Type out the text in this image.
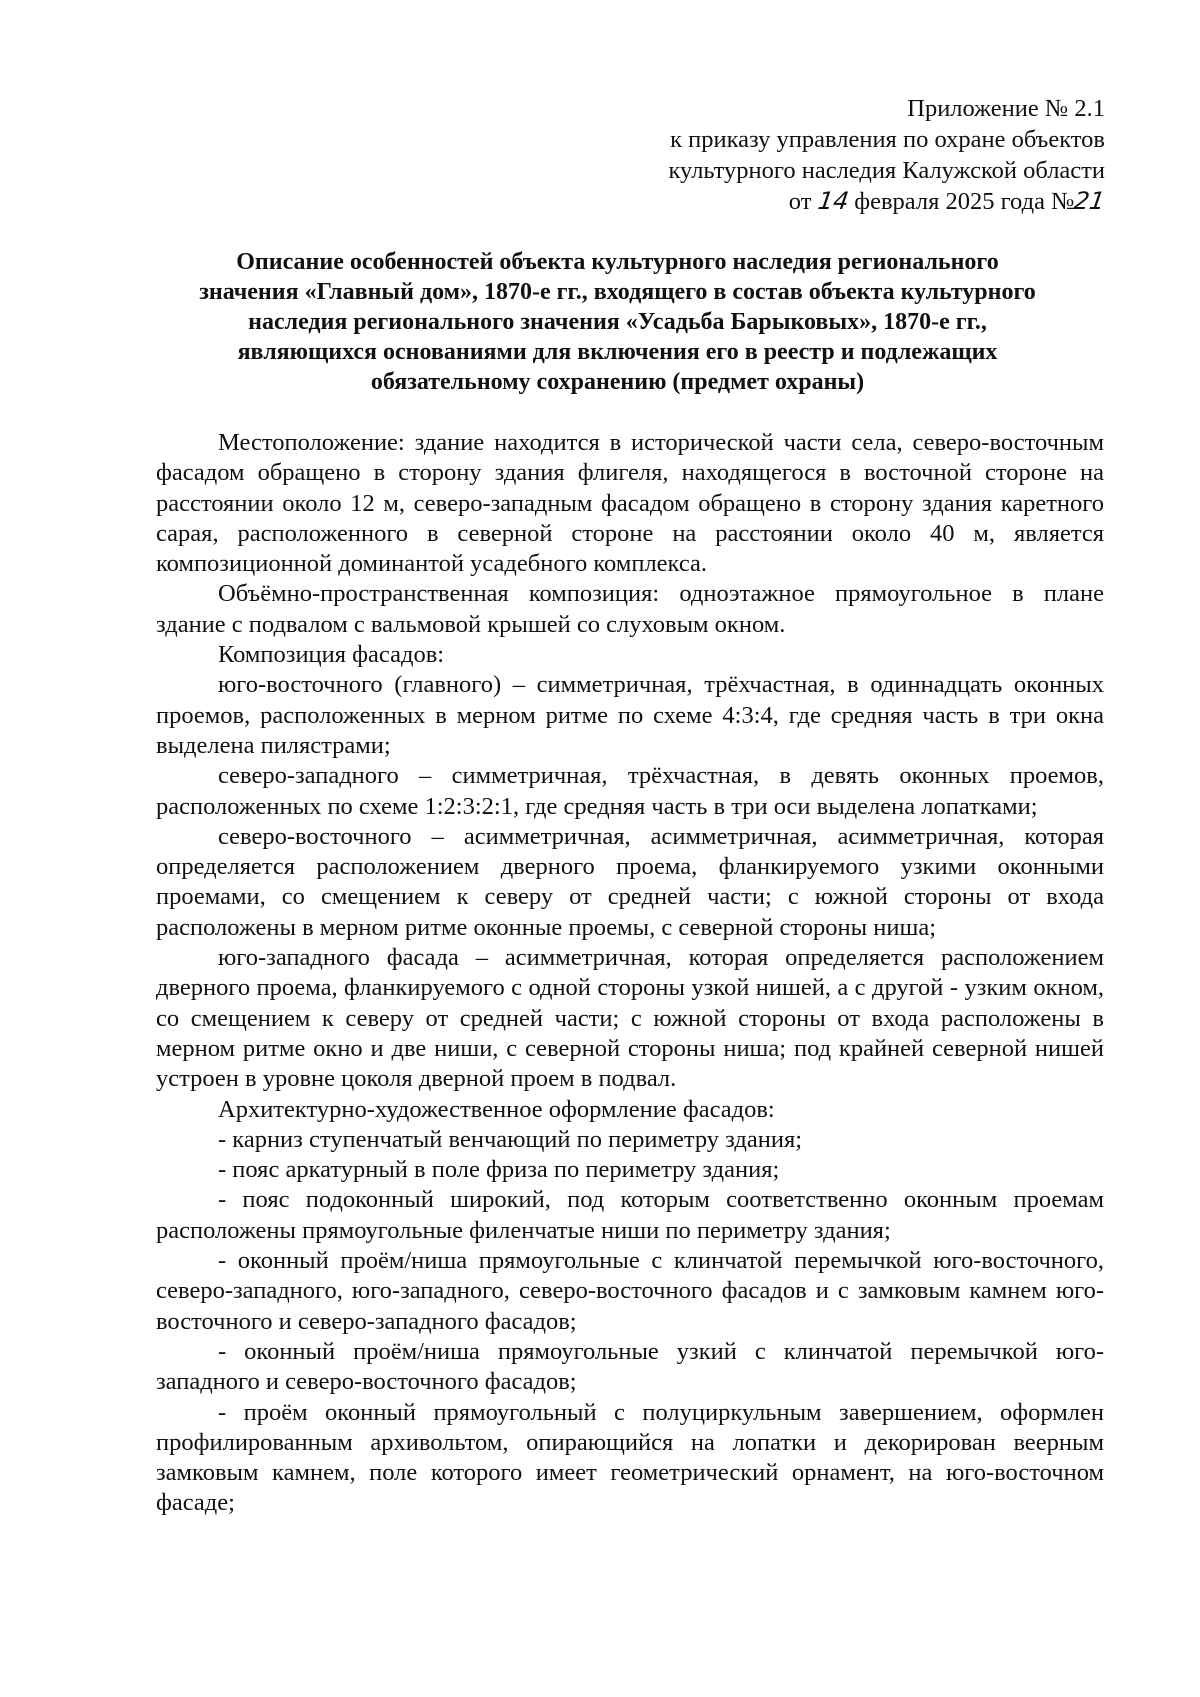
Приложение № 2.1
к приказу управления по охране объектов
культурного наследия Калужской области
от 14 февраля 2025 года №21
Описание особенностей объекта культурного наследия регионального
значения «Главный дом», 1870-е гг., входящего в состав объекта культурного
наследия регионального значения «Усадьба Барыковых», 1870-е гг.,
являющихся основаниями для включения его в реестр и подлежащих
обязательному сохранению (предмет охраны)

Местоположение: здание находится в исторической части села, северо-восточным фасадом обращено в сторону здания флигеля, находящегося в восточной стороне на расстоянии около 12 м, северо-западным фасадом обращено в сторону здания каретного сарая, расположенного в северной стороне на расстоянии около 40 м, является композиционной доминантой усадебного комплекса.

Объёмно-пространственная композиция: одноэтажное прямоугольное в плане здание с подвалом с вальмовой крышей со слуховым окном.

Композиция фасадов:

юго-восточного (главного) – симметричная, трёхчастная, в одиннадцать оконных проемов, расположенных в мерном ритме по схеме 4:3:4, где средняя часть в три окна выделена пилястрами;

северо-западного – симметричная, трёхчастная, в девять оконных проемов, расположенных по схеме 1:2:3:2:1, где средняя часть в три оси выделена лопатками;

северо-восточного – асимметричная, асимметричная, асимметричная, которая определяется расположением дверного проема, фланкируемого узкими оконными проемами, со смещением к северу от средней части; с южной стороны от входа расположены в мерном ритме оконные проемы, с северной стороны ниша;

юго-западного фасада – асимметричная, которая определяется расположением дверного проема, фланкируемого с одной стороны узкой нишей, а с другой - узким окном, со смещением к северу от средней части; с южной стороны от входа расположены в мерном ритме окно и две ниши, с северной стороны ниша; под крайней северной нишей устроен в уровне цоколя дверной проем в подвал.

Архитектурно-художественное оформление фасадов:

- карниз ступенчатый венчающий по периметру здания;

- пояс аркатурный в поле фриза по периметру здания;

- пояс подоконный широкий, под которым соответственно оконным проемам расположены прямоугольные филенчатые ниши по периметру здания;

- оконный проём/ниша прямоугольные с клинчатой перемычкой юго-восточного, северо-западного, юго-западного, северо-восточного фасадов и с замковым камнем юго-восточного и северо-западного фасадов;

- оконный проём/ниша прямоугольные узкий с клинчатой перемычкой юго-западного и северо-восточного фасадов;

- проём оконный прямоугольный с полуциркульным завершением, оформлен профилированным архивольтом, опирающийся на лопатки и декорирован веерным замковым камнем, поле которого имеет геометрический орнамент, на юго-восточном фасаде;
